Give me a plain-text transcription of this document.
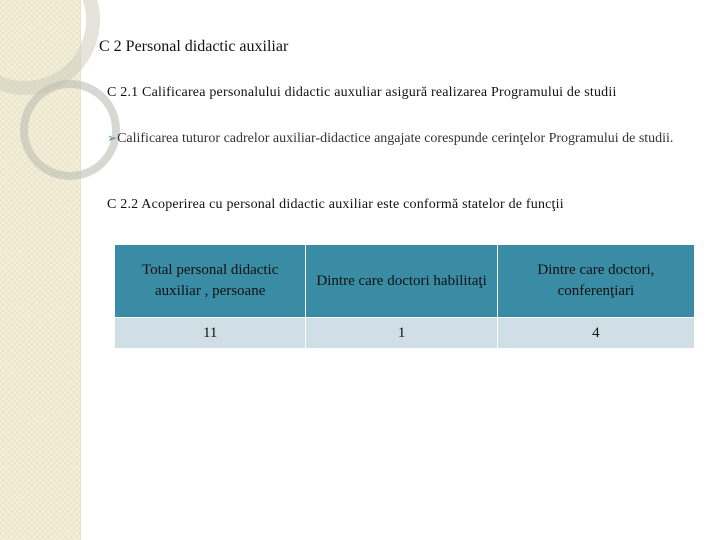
C 2 Personal didactic auxiliar
C 2.1 Calificarea personalului didactic auxuliar asigură realizarea Programului de studii
➢Calificarea tuturor cadrelor auxiliar-didactice angajate corespunde cerinţelor Programului de studii.
C 2.2 Acoperirea cu personal didactic auxiliar este conformă statelor de funcţii
Total personal didactic auxiliar , persoane	Dintre care doctori habilitaţi	Dintre care doctori, conferenţiari
11	1	4
